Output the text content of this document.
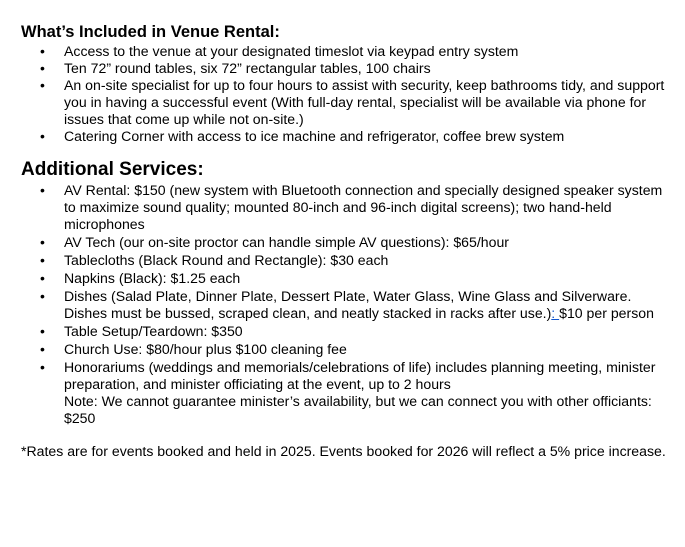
What’s Included in Venue Rental:
• Access to the venue at your designated timeslot via keypad entry system
• Ten 72” round tables, six 72” rectangular tables, 100 chairs
• An on-site specialist for up to four hours to assist with security, keep bathrooms tidy, and support you in having a successful event (With full-day rental, specialist will be available via phone for issues that come up while not on-site.)
• Catering Corner with access to ice machine and refrigerator, coffee brew system
Additional Services:
• AV Rental: $150 (new system with Bluetooth connection and specially designed speaker system to maximize sound quality; mounted 80-inch and 96-inch digital screens); two hand-held microphones
• AV Tech (our on-site proctor can handle simple AV questions): $65/hour
• Tablecloths (Black Round and Rectangle): $30 each
• Napkins (Black): $1.25 each
• Dishes (Salad Plate, Dinner Plate, Dessert Plate, Water Glass, Wine Glass and Silverware. Dishes must be bussed, scraped clean, and neatly stacked in racks after use.): $10 per person
• Table Setup/Teardown: $350
• Church Use: $80/hour plus $100 cleaning fee
• Honorariums (weddings and memorials/celebrations of life) includes planning meeting, minister preparation, and minister officiating at the event, up to 2 hours
Note: We cannot guarantee minister’s availability, but we can connect you with other officiants: $250

*Rates are for events booked and held in 2025. Events booked for 2026 will reflect a 5% price increase.
